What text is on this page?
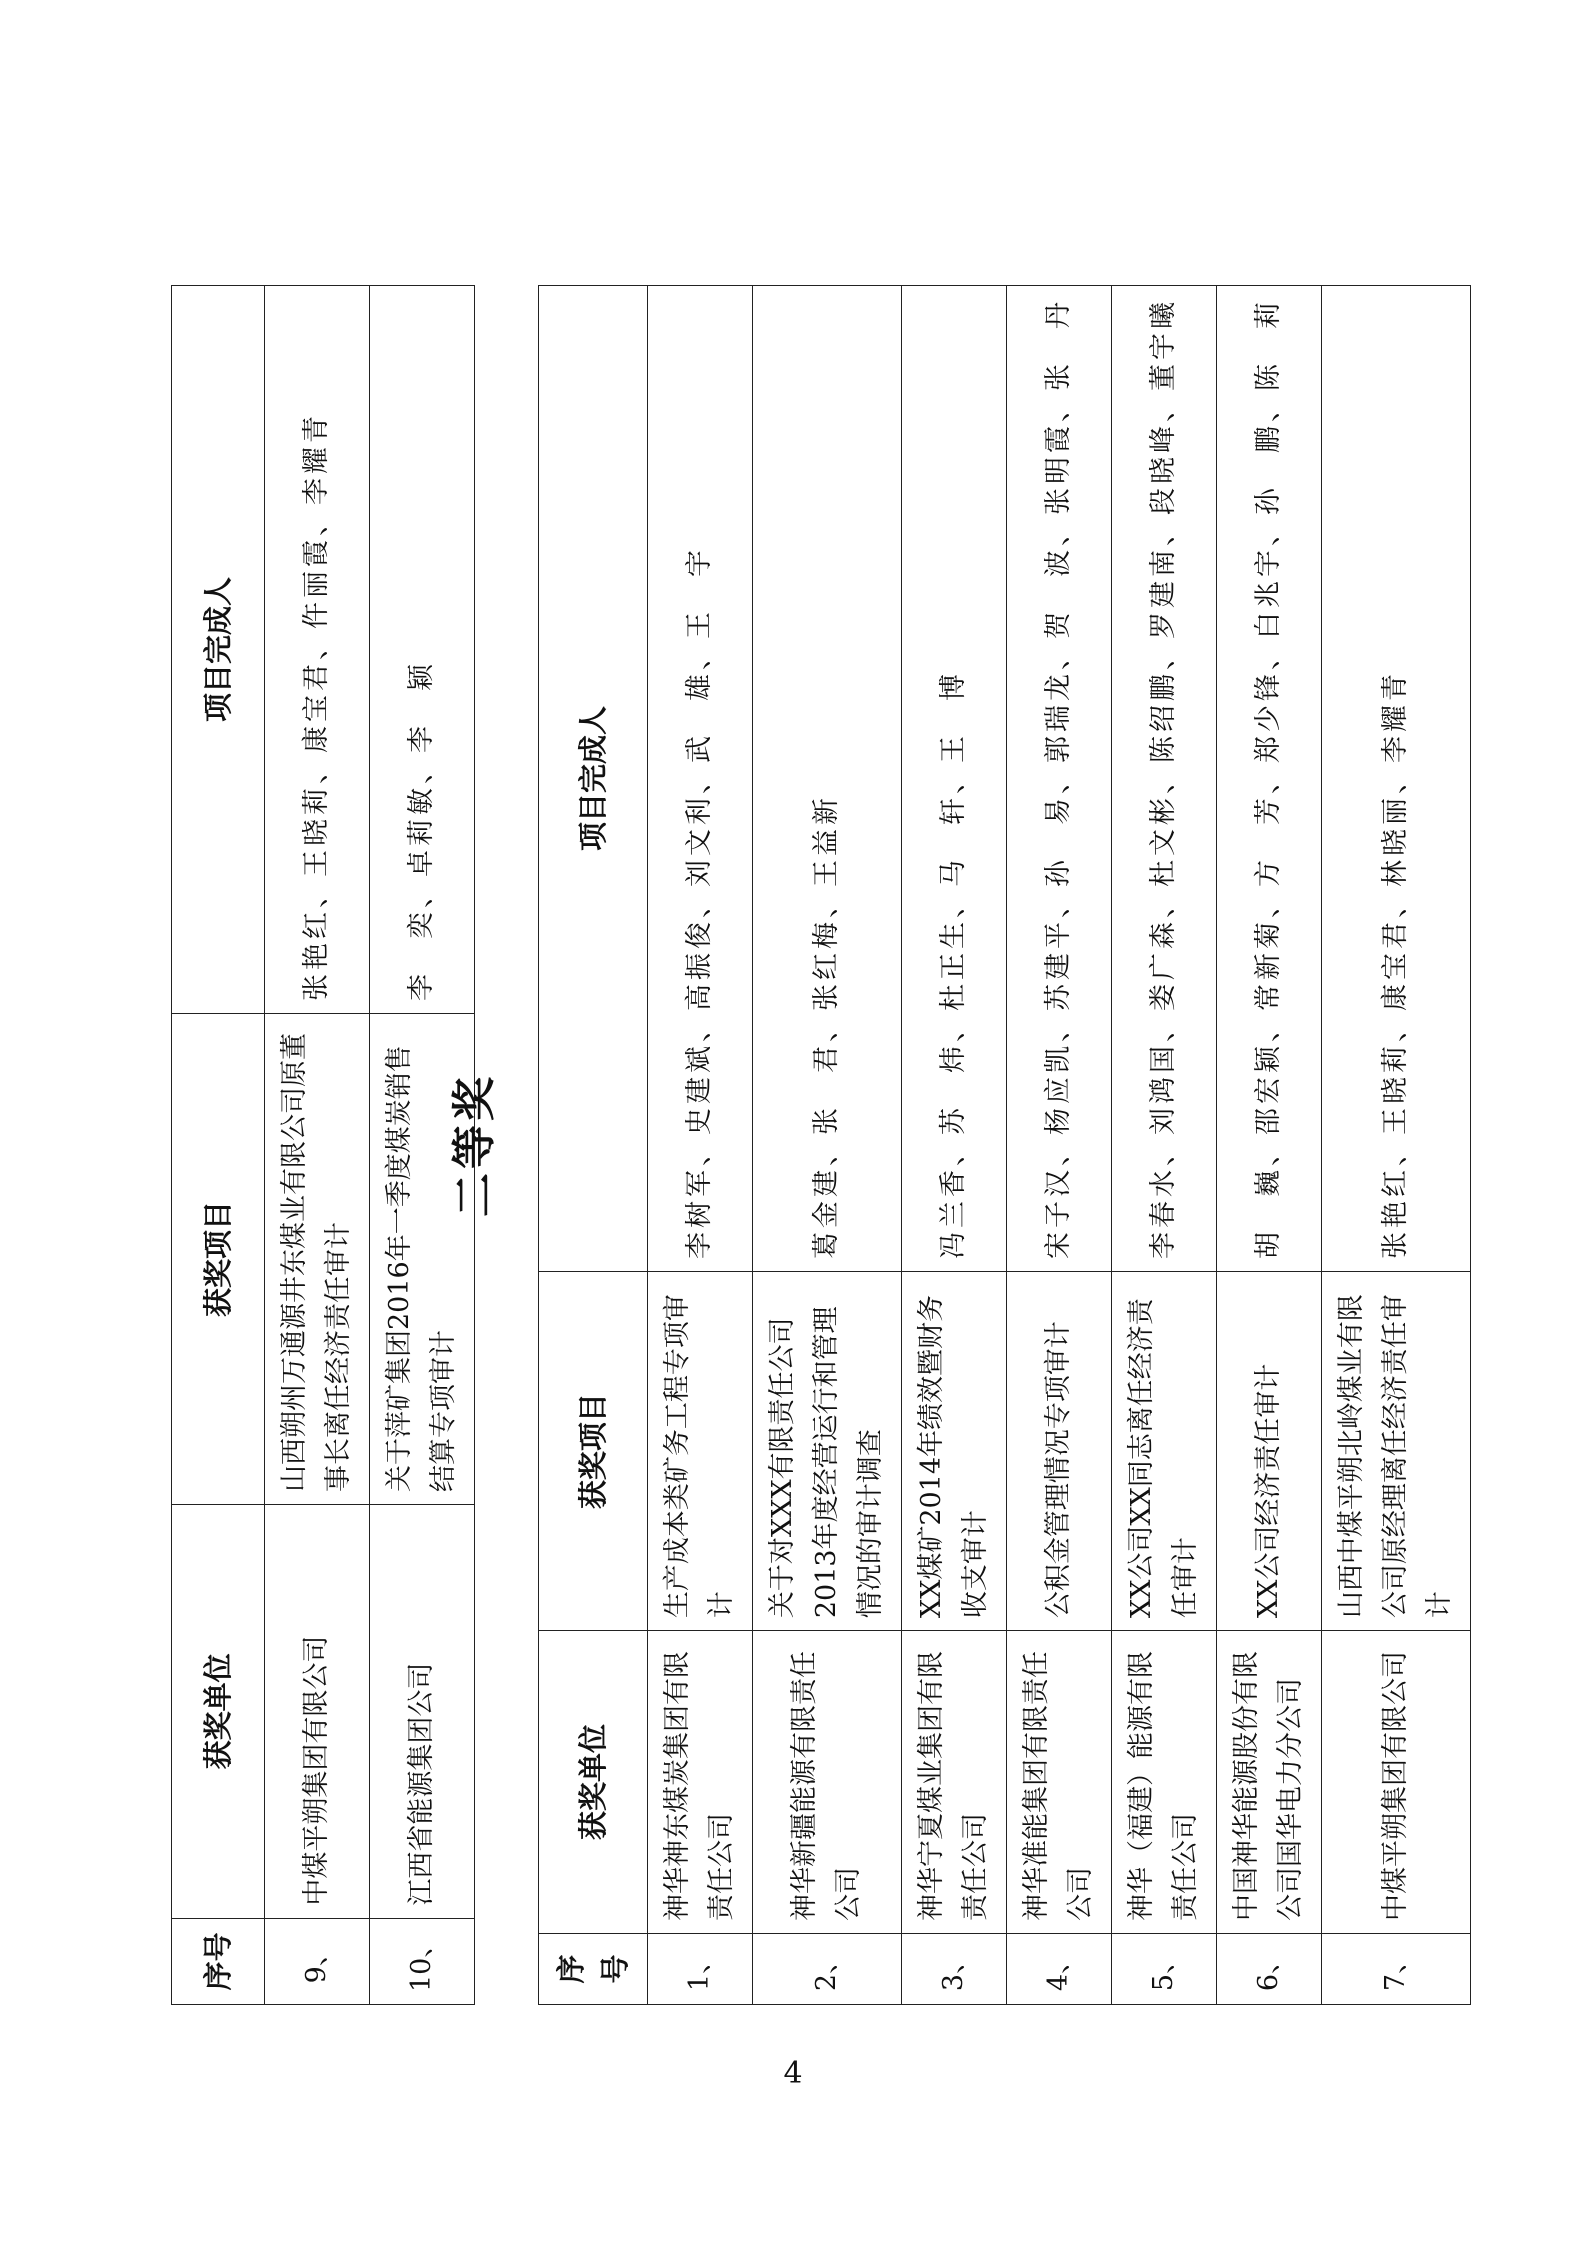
序号	获奖单位	获奖项目	项目完成人
9、	中煤平朔集团有限公司	山西朔州万通源井东煤业有限公司原董事长离任经济责任审计	张艳红、王晓莉、康宝君、仵丽霞、李耀青
10、	江西省能源集团公司	关于萍矿集团2016年一季度煤炭销售结算专项审计	李　奕、卓莉敏、李　颖
二等奖
序号	获奖单位	获奖项目	项目完成人
1、	神华神东煤炭集团有限责任公司	生产成本类矿务工程专项审计	李树军、史建斌、高振俊、刘文利、武　雄、王　宇
2、	神华新疆能源有限责任公司	关于对XXX有限责任公司2013年度经营运行和管理情况的审计调查	葛金建、张　君、张红梅、王益新
3、	神华宁夏煤业集团有限责任公司	XX煤矿2014年绩效暨财务收支审计	冯兰香、苏　炜、杜正生、马　轩、王　博
4、	神华准能集团有限责任公司	公积金管理情况专项审计	宋子汉、杨应凯、苏建平、孙　易、郭瑞龙、贺　波、张明霞、张　丹
5、	神华（福建）能源有限责任公司	XX公司XX同志离任经济责任审计	李春水、刘鸿国、娄广森、杜文彬、陈绍鹏、罗建南、段晓峰、董宇曦
6、	中国神华能源股份有限公司国华电力分公司	XX公司经济责任审计	胡　巍、邵宏颖、常新菊、方　芳、郑少锋、白兆宇、孙　鹏、陈　莉
7、	中煤平朔集团有限公司	山西中煤平朔北岭煤业有限公司原经理离任经济责任审计	张艳红、王晓莉、康宝君、林晓丽、李耀青
4
